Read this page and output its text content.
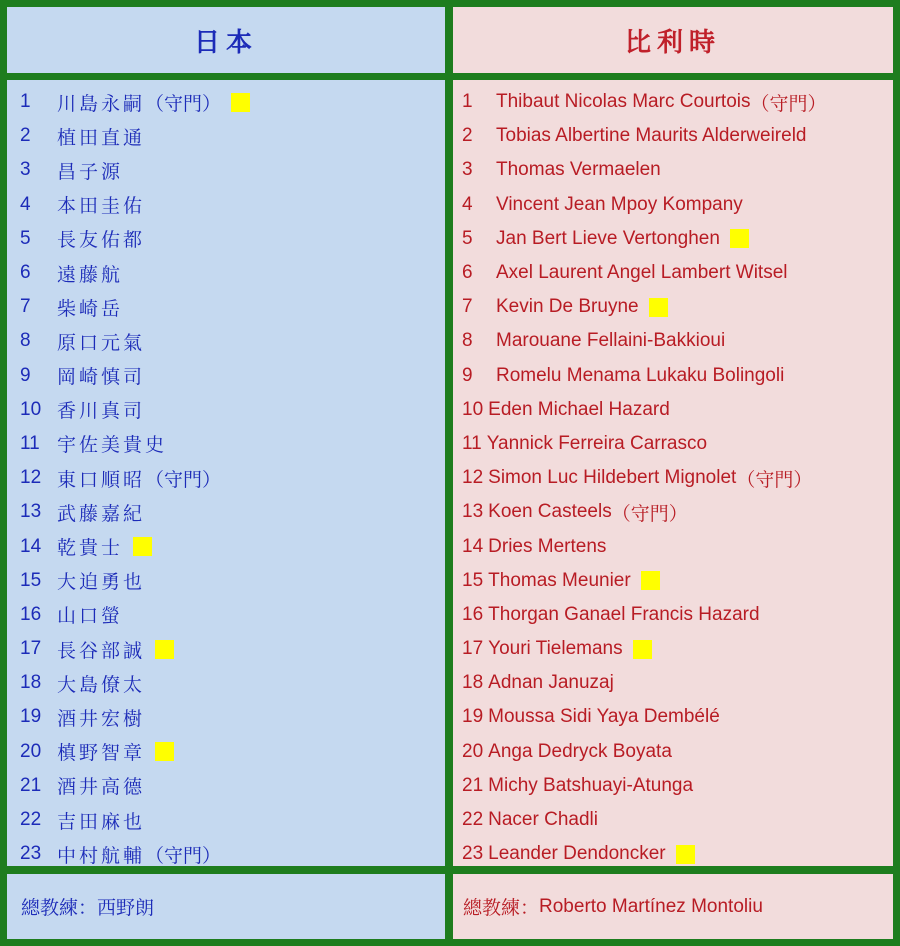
日本	比利時
1	川島永嗣 （守門）
2	植田直通
3	昌子源
4	本田圭佑
5	長友佑都
6	遠藤航
7	柴崎岳
8	原口元氣
9	岡崎慎司
10 香川真司
11 宇佐美貴史
12 東口順昭 （守門）
13 武藤嘉紀
14 乾貴士
15 大迫勇也
16 山口螢
17 長谷部誠
18 大島僚太
19 酒井宏樹
20 槙野智章
21 酒井高德
22 吉田麻也
23 中村航輔 （守門）
1	Thibaut Nicolas Marc Courtois （守門）
2	Tobias Albertine Maurits Alderweireld
3	Thomas Vermaelen
4	Vincent Jean Mpoy Kompany
5	Jan Bert Lieve Vertonghen
6	Axel Laurent Angel Lambert Witsel
7	Kevin De Bruyne
8	Marouane Fellaini-Bakkioui
9	Romelu Menama Lukaku Bolingoli
10 Eden Michael Hazard
11 Yannick Ferreira Carrasco
12 Simon Luc Hildebert Mignolet （守門）
13 Koen Casteels （守門）
14 Dries Mertens
15 Thomas Meunier
16 Thorgan Ganael Francis Hazard
17 Youri Tielemans
18 Adnan Januzaj
19 Moussa Sidi Yaya Dembélé
20 Anga Dedryck Boyata
21 Michy Batshuayi-Atunga
22 Nacer Chadli
23 Leander Dendoncker
總教練： 西野朗	總教練： Roberto Martínez Montoliu
